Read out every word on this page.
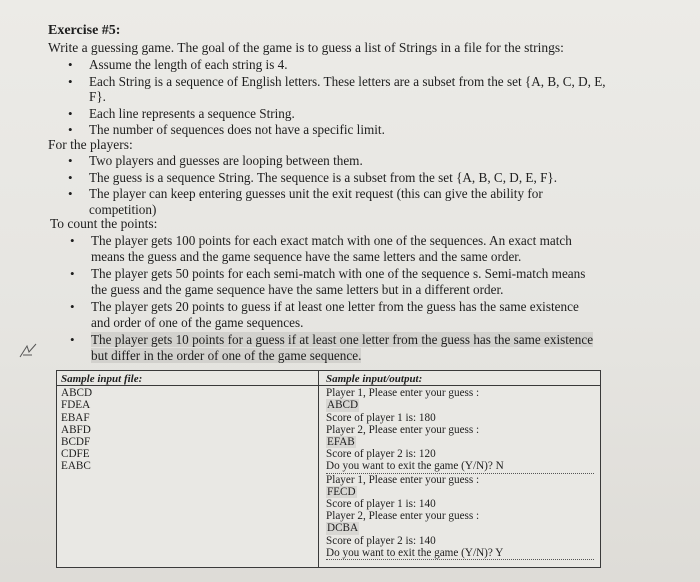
Exercise #5:
Write a guessing game. The goal of the game is to guess a list of Strings in a file for the strings:
• Assume the length of each string is 4.
• Each String is a sequence of English letters. These letters are a subset from the set {A, B, C, D, E, F}.
• Each line represents a sequence String.
• The number of sequences does not have a specific limit.
For the players:
• Two players and guesses are looping between them.
• The guess is a sequence String. The sequence is a subset from the set {A, B, C, D, E, F}.
• The player can keep entering guesses unit the exit request (this can give the ability for competition)
To count the points:
• The player gets 100 points for each exact match with one of the sequences. An exact match means the guess and the game sequence have the same letters and the same order.
• The player gets 50 points for each semi-match with one of the sequence s. Semi-match means the guess and the game sequence have the same letters but in a different order.
• The player gets 20 points to guess if at least one letter from the guess has the same existence and order of one of the game sequences.
• The player gets 10 points for a guess if at least one letter from the guess has the same existence but differ in the order of one of the game sequence.
Sample input file:
ABCD
FDEA
EBAF
ABFD
BCDF
CDFE
EABC
Sample input/output:
Player 1, Please enter your guess :
ABCD
Score of player 1 is: 180
Player 2, Please enter your guess :
EFAB
Score of player 2 is: 120
Do you want to exit the game (Y/N)? N
Player 1, Please enter your guess :
FECD
Score of player 1 is: 140
Player 2, Please enter your guess :
DCBA
Score of player 2 is: 140
Do you want to exit the game (Y/N)? Y
